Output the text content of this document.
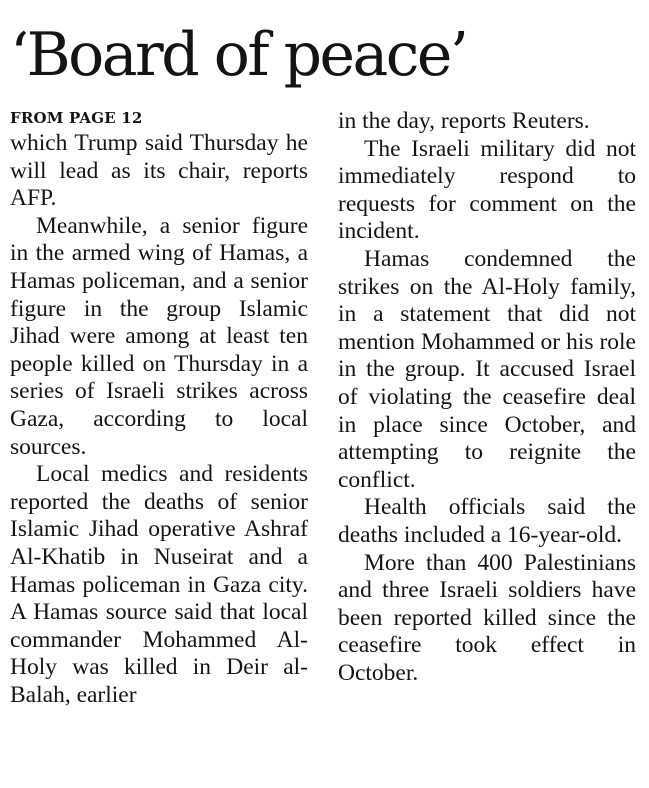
‘Board of peace’
FROM PAGE 12

which Trump said Thursday he will lead as its chair, reports AFP.

Meanwhile, a senior figure in the armed wing of Hamas, a Hamas policeman, and a senior figure in the group Islamic Jihad were among at least ten people killed on Thursday in a series of Israeli strikes across Gaza, according to local sources.

Local medics and residents reported the deaths of senior Islamic Jihad operative Ashraf Al-Khatib in Nuseirat and a Hamas policeman in Gaza city. A Hamas source said that local commander Mohammed Al-Holy was killed in Deir al-Balah, earlier

in the day, reports Reuters.

The Israeli military did not immediately respond to requests for comment on the incident.

Hamas condemned the strikes on the Al-Holy family, in a statement that did not mention Mohammed or his role in the group. It accused Israel of violating the ceasefire deal in place since October, and attempting to reignite the conflict.

Health officials said the deaths included a 16-year-old.

More than 400 Palestinians and three Israeli soldiers have been reported killed since the ceasefire took effect in October.
